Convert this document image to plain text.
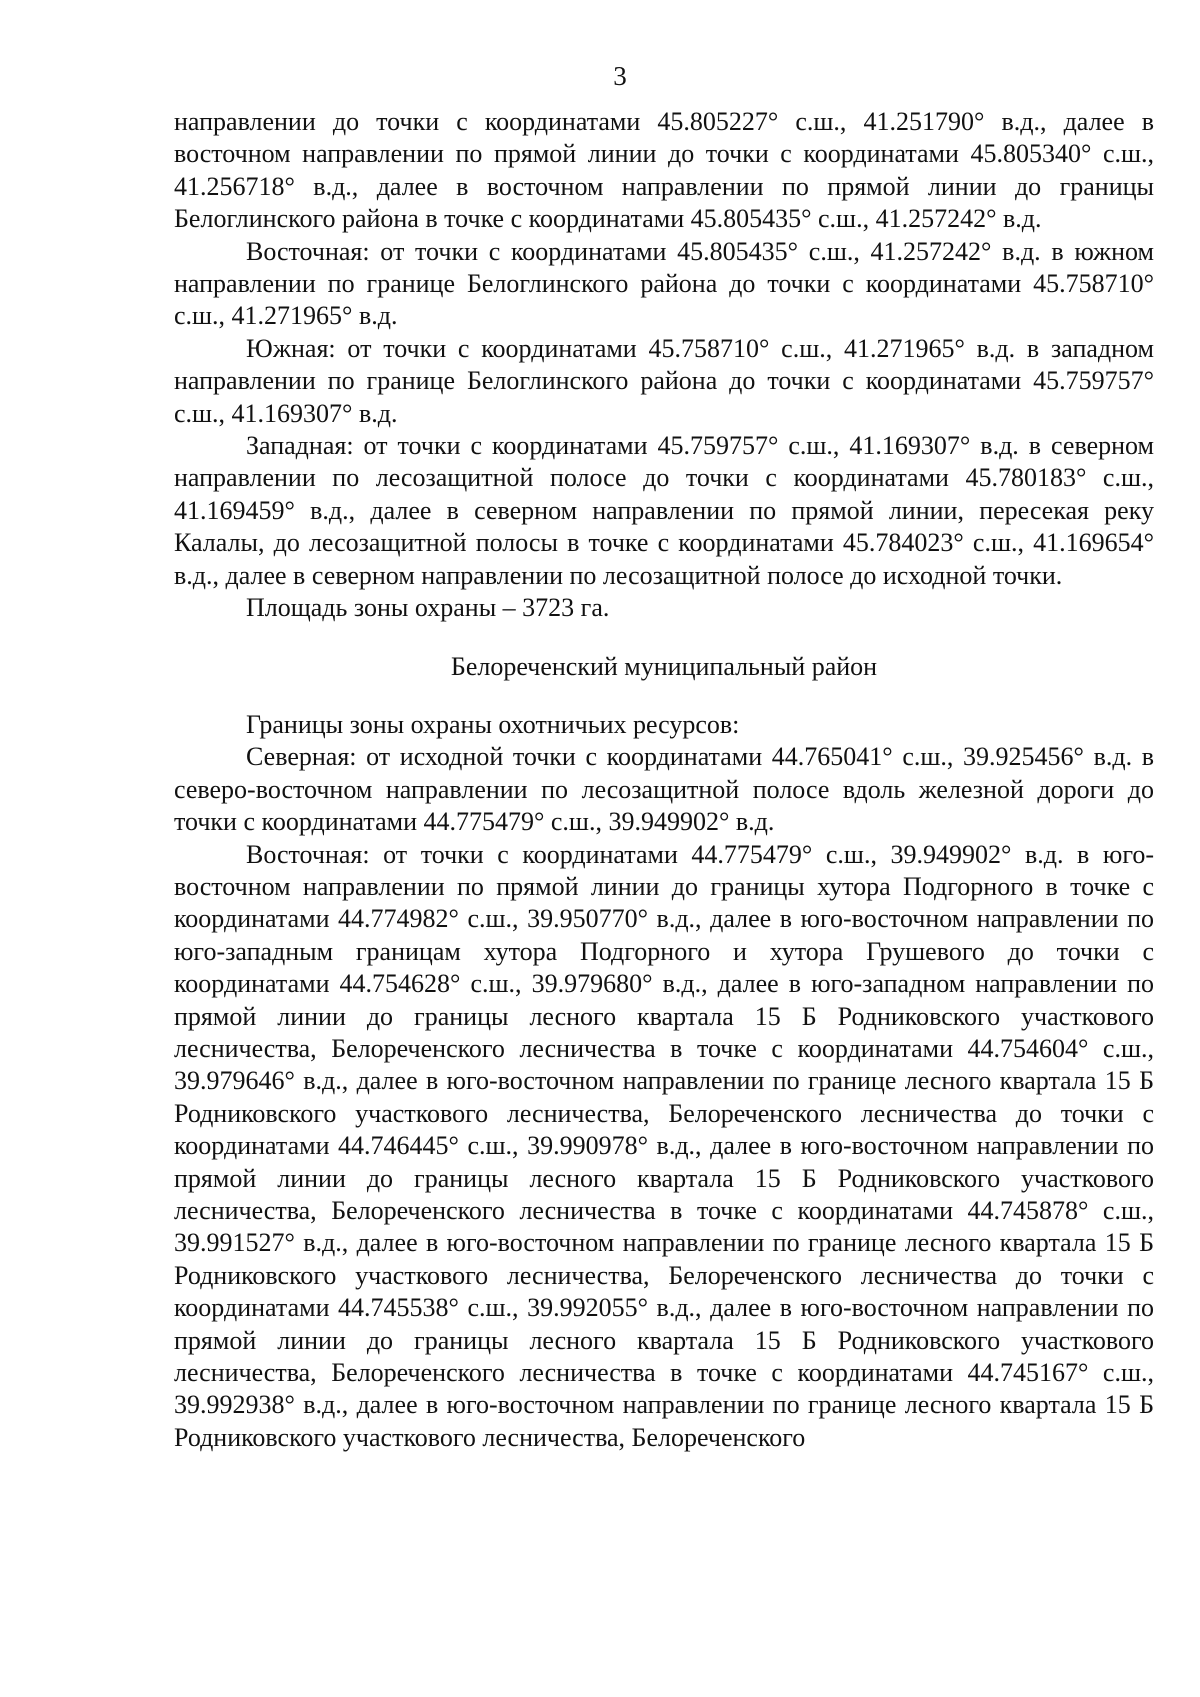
3

направлении до точки с координатами 45.805227° с.ш., 41.251790° в.д., далее в восточном направлении по прямой линии до точки с координатами 45.805340° с.ш., 41.256718° в.д., далее в восточном направлении по прямой линии до границы Белоглинского района в точке с координатами 45.805435° с.ш., 41.257242° в.д.

Восточная: от точки с координатами 45.805435° с.ш., 41.257242° в.д. в южном направлении по границе Белоглинского района до точки с координатами 45.758710° с.ш., 41.271965° в.д.

Южная: от точки с координатами 45.758710° с.ш., 41.271965° в.д. в западном направлении по границе Белоглинского района до точки с координатами 45.759757° с.ш., 41.169307° в.д.

Западная: от точки с координатами 45.759757° с.ш., 41.169307° в.д. в северном направлении по лесозащитной полосе до точки с координатами 45.780183° с.ш., 41.169459° в.д., далее в северном направлении по прямой линии, пересекая реку Калалы, до лесозащитной полосы в точке с координатами 45.784023° с.ш., 41.169654° в.д., далее в северном направлении по лесозащитной полосе до исходной точки.

Площадь зоны охраны – 3723 га.

Белореченский муниципальный район

Границы зоны охраны охотничьих ресурсов:

Северная: от исходной точки с координатами 44.765041° с.ш., 39.925456° в.д. в северо-восточном направлении по лесозащитной полосе вдоль железной дороги до точки с координатами 44.775479° с.ш., 39.949902° в.д.

Восточная: от точки с координатами 44.775479° с.ш., 39.949902° в.д. в юго-восточном направлении по прямой линии до границы хутора Подгорного в точке с координатами 44.774982° с.ш., 39.950770° в.д., далее в юго-восточном направлении по юго-западным границам хутора Подгорного и хутора Грушевого до точки с координатами 44.754628° с.ш., 39.979680° в.д., далее в юго-западном направлении по прямой линии до границы лесного квартала 15 Б Родниковского участкового лесничества, Белореченского лесничества в точке с координатами 44.754604° с.ш., 39.979646° в.д., далее в юго-восточном направлении по границе лесного квартала 15 Б Родниковского участкового лесничества, Белореченского лесничества до точки с координатами 44.746445° с.ш., 39.990978° в.д., далее в юго-восточном направлении по прямой линии до границы лесного квартала 15 Б Родниковского участкового лесничества, Белореченского лесничества в точке с координатами 44.745878° с.ш., 39.991527° в.д., далее в юго-восточном направлении по границе лесного квартала 15 Б Родниковского участкового лесничества, Белореченского лесничества до точки с координатами 44.745538° с.ш., 39.992055° в.д., далее в юго-восточном направлении по прямой линии до границы лесного квартала 15 Б Родниковского участкового лесничества, Белореченского лесничества в точке с координатами 44.745167° с.ш., 39.992938° в.д., далее в юго-восточном направлении по границе лесного квартала 15 Б Родниковского участкового лесничества, Белореченского
